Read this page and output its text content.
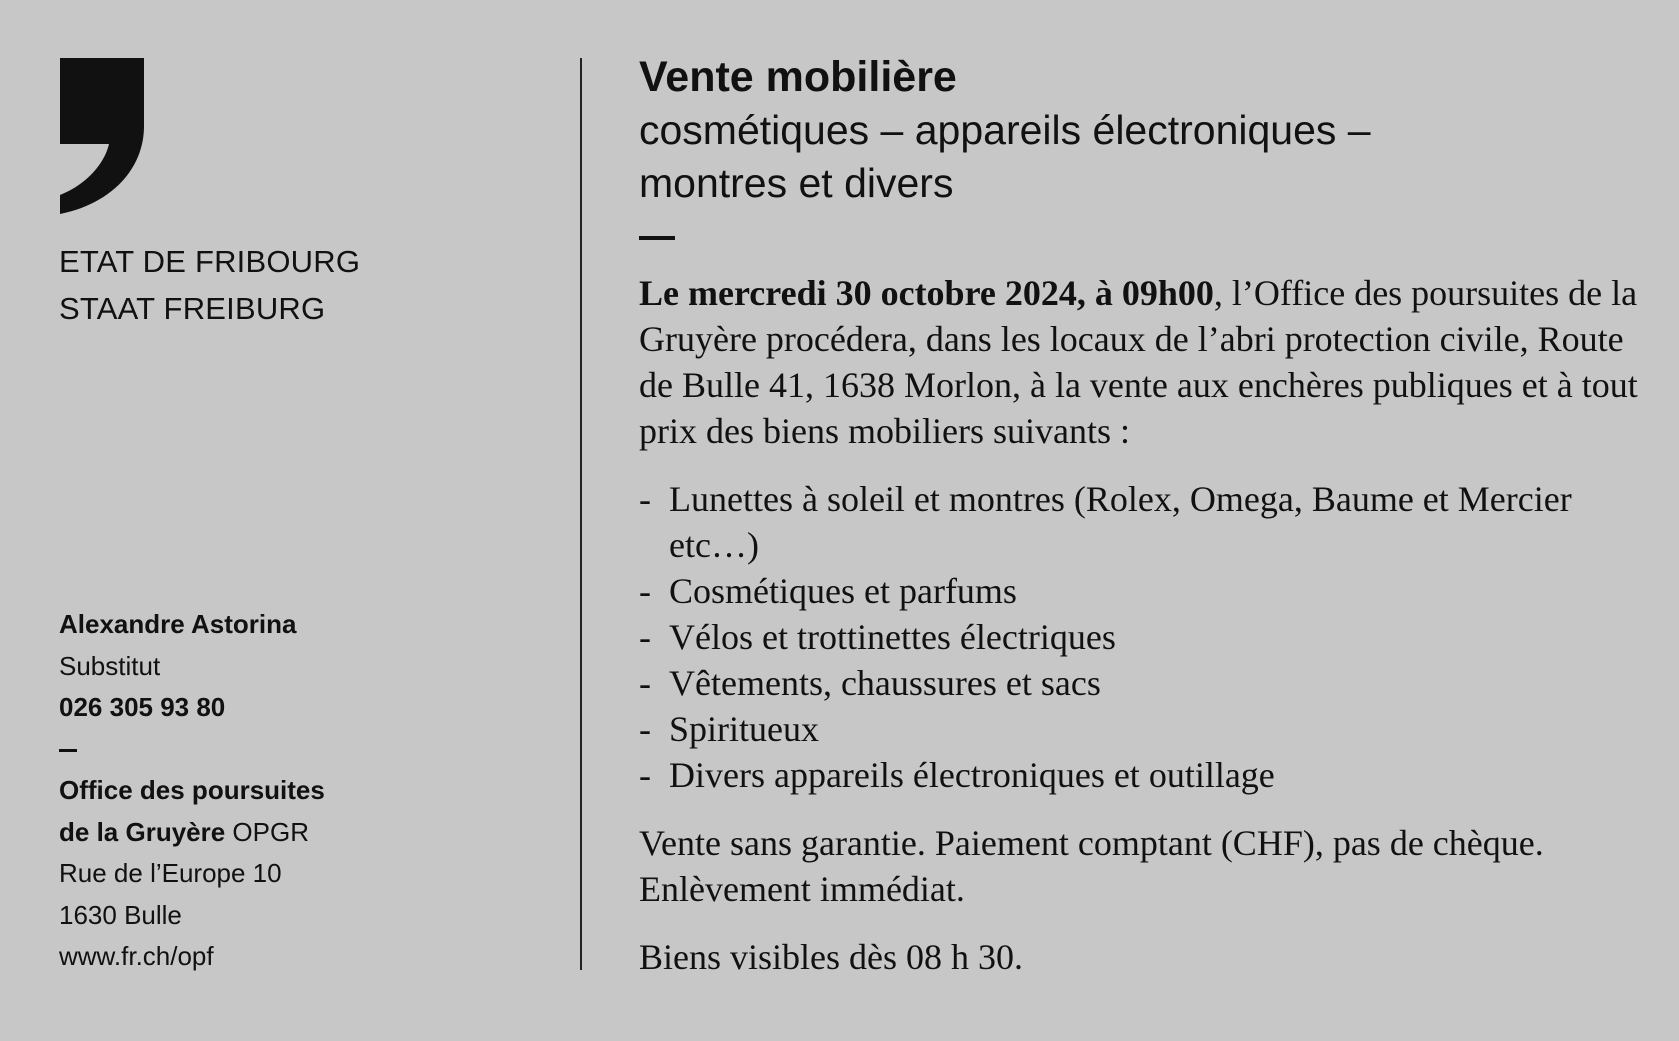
ETAT DE FRIBOURG
STAAT FREIBURG
Alexandre Astorina
Substitut
026 305 93 80
Office des poursuites
de la Gruyère OPGR
Rue de l’Europe 10
1630 Bulle
www.fr.ch/opf
Vente mobilière
cosmétiques – appareils électroniques –
montres et divers

Le mercredi 30 octobre 2024, à 09h00, l’Office des poursuites de la Gruyère procédera, dans les locaux de l’abri protection civile, Route de Bulle 41, 1638 Morlon, à la vente aux enchères publiques et à tout prix des biens mobiliers suivants :

- Lunettes à soleil et montres (Rolex, Omega, Baume et Mercier etc…)
- Cosmétiques et parfums
- Vélos et trottinettes électriques
- Vêtements, chaussures et sacs
- Spiritueux
- Divers appareils électroniques et outillage

Vente sans garantie. Paiement comptant (CHF), pas de chèque. Enlèvement immédiat.

Biens visibles dès 08 h 30.
